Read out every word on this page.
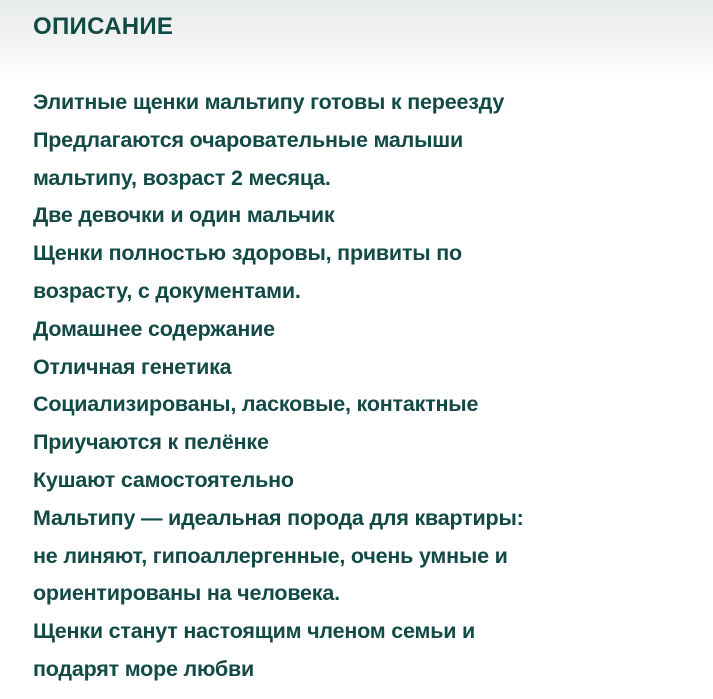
ОПИСАНИЕ
Элитные щенки мальтипу готовы к переезду
Предлагаются очаровательные малыши
мальтипу, возраст 2 месяца.
Две девочки и один мальчик
Щенки полностью здоровы, привиты по
возрасту, с документами.
Домашнее содержание
Отличная генетика
Социализированы, ласковые, контактные
Приучаются к пелёнке
Кушают самостоятельно
Мальтипу — идеальная порода для квартиры:
не линяют, гипоаллергенные, очень умные и
ориентированы на человека.
Щенки станут настоящим членом семьи и
подарят море любви
